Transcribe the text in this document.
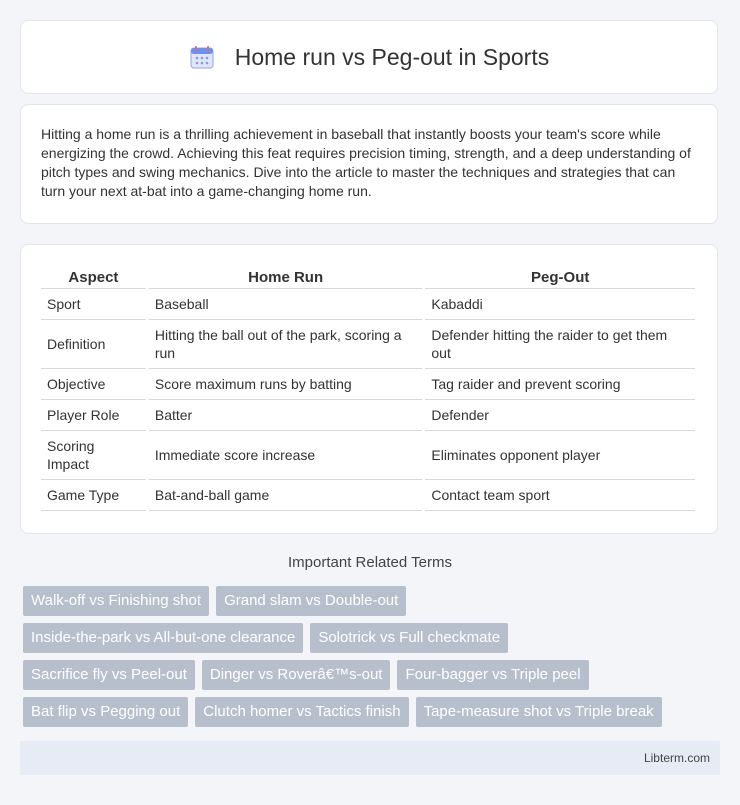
Home run vs Peg-out in Sports

Hitting a home run is a thrilling achievement in baseball that instantly boosts your team's score while energizing the crowd. Achieving this feat requires precision timing, strength, and a deep understanding of pitch types and swing mechanics. Dive into the article to master the techniques and strategies that can turn your next at-bat into a game-changing home run.

Aspect	Home Run	Peg-Out
Sport	Baseball	Kabaddi
Definition	Hitting the ball out of the park, scoring a run	Defender hitting the raider to get them out
Objective	Score maximum runs by batting	Tag raider and prevent scoring
Player Role	Batter	Defender
Scoring Impact	Immediate score increase	Eliminates opponent player
Game Type	Bat-and-ball game	Contact team sport
Important Related Terms
Walk-off vs Finishing shot	Grand slam vs Double-out
Inside-the-park vs All-but-one clearance	Solotrick vs Full checkmate
Sacrifice fly vs Peel-out	Dinger vs Roverâ€™s-out	Four-bagger vs Triple peel
Bat flip vs Pegging out	Clutch homer vs Tactics finish	Tape-measure shot vs Triple break
Libterm.com
